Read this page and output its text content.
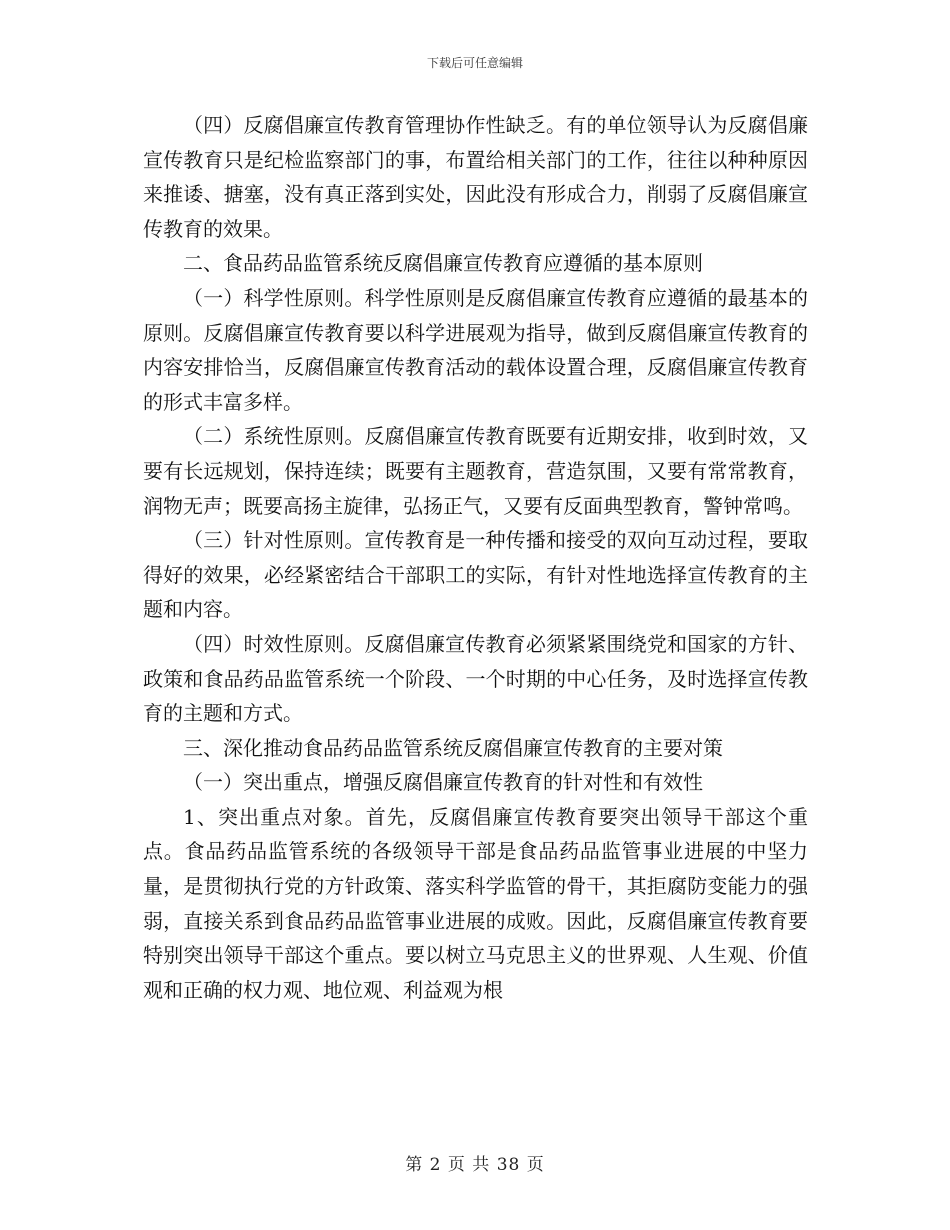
下载后可任意编辑

（四）反腐倡廉宣传教育管理协作性缺乏。有的单位领导认为反腐倡廉宣传教育只是纪检监察部门的事，布置给相关部门的工作，往往以种种原因来推诿、搪塞，没有真正落到实处，因此没有形成合力，削弱了反腐倡廉宣传教育的效果。

二、食品药品监管系统反腐倡廉宣传教育应遵循的基本原则

（一）科学性原则。科学性原则是反腐倡廉宣传教育应遵循的最基本的原则。反腐倡廉宣传教育要以科学进展观为指导，做到反腐倡廉宣传教育的内容安排恰当，反腐倡廉宣传教育活动的载体设置合理，反腐倡廉宣传教育的形式丰富多样。

（二）系统性原则。反腐倡廉宣传教育既要有近期安排，收到时效，又要有长远规划，保持连续；既要有主题教育，营造氛围，又要有常常教育，润物无声；既要高扬主旋律，弘扬正气，又要有反面典型教育，警钟常鸣。

（三）针对性原则。宣传教育是一种传播和接受的双向互动过程，要取得好的效果，必经紧密结合干部职工的实际，有针对性地选择宣传教育的主题和内容。

（四）时效性原则。反腐倡廉宣传教育必须紧紧围绕党和国家的方针、政策和食品药品监管系统一个阶段、一个时期的中心任务，及时选择宣传教育的主题和方式。

三、深化推动食品药品监管系统反腐倡廉宣传教育的主要对策

（一）突出重点，增强反腐倡廉宣传教育的针对性和有效性

1、突出重点对象。首先，反腐倡廉宣传教育要突出领导干部这个重点。食品药品监管系统的各级领导干部是食品药品监管事业进展的中坚力量，是贯彻执行党的方针政策、落实科学监管的骨干，其拒腐防变能力的强弱，直接关系到食品药品监管事业进展的成败。因此，反腐倡廉宣传教育要特别突出领导干部这个重点。要以树立马克思主义的世界观、人生观、价值观和正确的权力观、地位观、利益观为根

第 2 页 共 38 页
